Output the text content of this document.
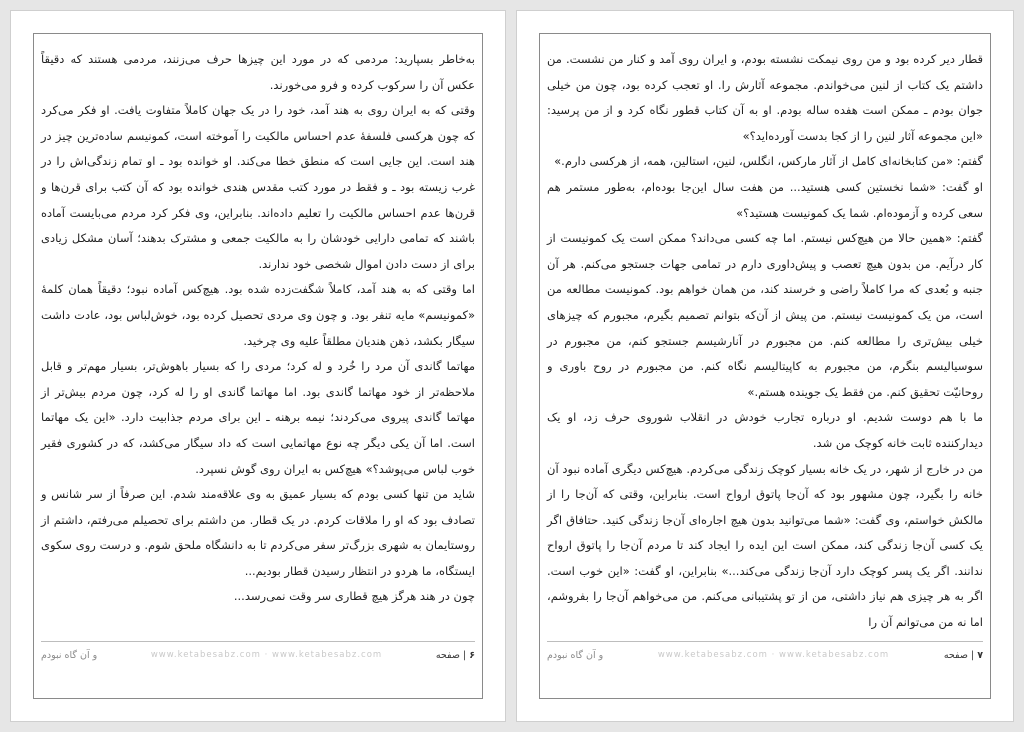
به‌خاطر بسپارید: مردمی که در مورد این چیزها حرف می‌زنند، مردمی هستند که دقیقاً عکس آن را سرکوب کرده و فرو می‌خورند.

وقتی که به ایران روی به هند آمد، خود را در یک جهان کاملاً متفاوت یافت. او فکر می‌کرد که چون هرکسی فلسفهٔ عدم احساس مالکیت را آموخته است، کمونیسم ساده‌ترین چیز در هند است. این جایی است که منطق خطا می‌کند. او خوانده بود ـ او تمام زندگی‌اش را در غرب زیسته بود ـ و فقط در مورد کتب مقدس هندی خوانده بود که آن کتب برای قرن‌ها و قرن‌ها عدم احساس مالکیت را تعلیم داده‌اند. بنابراین، وی فکر کرد مردم می‌بایست آماده باشند که تمامی دارایی خودشان را به مالکیت جمعی و مشترک بدهند؛ آسان مشکل زیادی برای از دست دادن اموال شخصی خود ندارند.

اما وقتی که به هند آمد، کاملاً شگفت‌زده شده بود. هیچ‌کس آماده نبود؛ دقیقاً همان کلمهٔ «کمونیسم» مایه تنفر بود. و چون وی مردی تحصیل کرده بود، خوش‌لباس بود، عادت داشت سیگار بکشد، ذهن هندیان مطلقاً علیه وی چرخید.

مهاتما گاندی آن مرد را خُرد و له کرد؛ مردی را که بسیار باهوش‌تر، بسیار مهم‌تر و قابل ملاحظه‌تر از خود مهاتما گاندی بود. اما مهاتما گاندی او را له کرد، چون مردم بیش‌تر از مهاتما گاندی پیروی می‌کردند؛ نیمه برهنه ـ این برای مردم جذابیت دارد. «این یک مهاتما است. اما آن یکی دیگر چه نوع مهاتمایی است که داد سیگار می‌کشد، که در کشوری فقیر خوب لباس می‌پوشد؟» هیچ‌کس به ایران روی گوش نسپرد.

شاید من تنها کسی بودم که بسیار عمیق به وی علاقه‌مند شدم. این صرفاً از سر شانس و تصادف بود که او را ملاقات کردم. در یک قطار. من داشتم برای تحصیلم می‌رفتم، داشتم از روستایمان به شهری بزرگ‌تر سفر می‌کردم تا به دانشگاه ملحق شوم. و درست روی سکوی ایستگاه، ما هردو در انتظار رسیدن قطار بودیم...

چون در هند هرگز هیچ قطاری سر وقت نمی‌رسد...

۶ | صفحه
www.ketabesabz.com · www.ketabesabz.com
و آن گاه نبودم

قطار دیر کرده بود و من روی نیمکت نشسته بودم، و ایران روی آمد و کنار من نشست. من داشتم یک کتاب از لنین می‌خواندم. مجموعه آثارش را. او تعجب کرده بود، چون من خیلی جوان بودم ـ ممکن است هفده ساله بودم. او به آن کتاب قطور نگاه کرد و از من پرسید: «این مجموعه آثار لنین را از کجا بدست آورده‌اید؟»

گفتم: «من کتابخانه‌ای کامل از آثار مارکس، انگلس، لنین، استالین، همه، از هرکسی دارم.»

او گفت: «شما نخستین کسی هستید... من هفت سال این‌جا بوده‌ام، به‌طور مستمر هم سعی کرده و آزموده‌ام. شما یک کمونیست هستید؟»

گفتم: «همین حالا من هیچ‌کس نیستم. اما چه کسی می‌داند؟ ممکن است یک کمونیست از کار درآیم. من بدون هیچ تعصب و پیش‌داوری دارم در تمامی جهات جستجو می‌کنم. هر آن جنبه و بُعدی که مرا کاملاً راضی و خرسند کند، من همان خواهم بود. کمونیست مطالعه من است، من یک کمونیست نیستم. من پیش از آن‌که بتوانم تصمیم بگیرم، مجبورم که چیزهای خیلی بیش‌تری را مطالعه کنم. من مجبورم در آنارشیسم جستجو کنم، من مجبورم در سوسیالیسم بنگرم، من مجبورم به کاپیتالیسم نگاه کنم. من مجبورم در روح باوری و روحانیّت تحقیق کنم. من فقط یک جوینده هستم.»

ما با هم دوست شدیم. او درباره تجارب خودش در انقلاب شوروی حرف زد، او یک دیدارکننده ثابت خانه کوچک من شد.

من در خارج از شهر، در یک خانه بسیار کوچک زندگی می‌کردم. هیچ‌کس دیگری آماده نبود آن خانه را بگیرد، چون مشهور بود که آن‌جا پاتوق ارواح است. بنابراین، وقتی که آن‌جا را از مالکش خواستم، وی گفت: «شما می‌توانید بدون هیچ اجاره‌ای آن‌جا زندگی کنید. حتافاق اگر یک کسی آن‌جا زندگی کند، ممکن است این ایده را ایجاد کند تا مردم آن‌جا را پاتوق ارواح ندانند. اگر یک پسر کوچک دارد آن‌جا زندگی می‌کند...» بنابراین، او گفت: «این خوب است. اگر به هر چیزی هم نیاز داشتی، من از تو پشتیبانی می‌کنم. من می‌خواهم آن‌جا را بفروشم، اما نه من می‌توانم آن را

۷ | صفحه
www.ketabesabz.com · www.ketabesabz.com
و آن گاه نبودم
